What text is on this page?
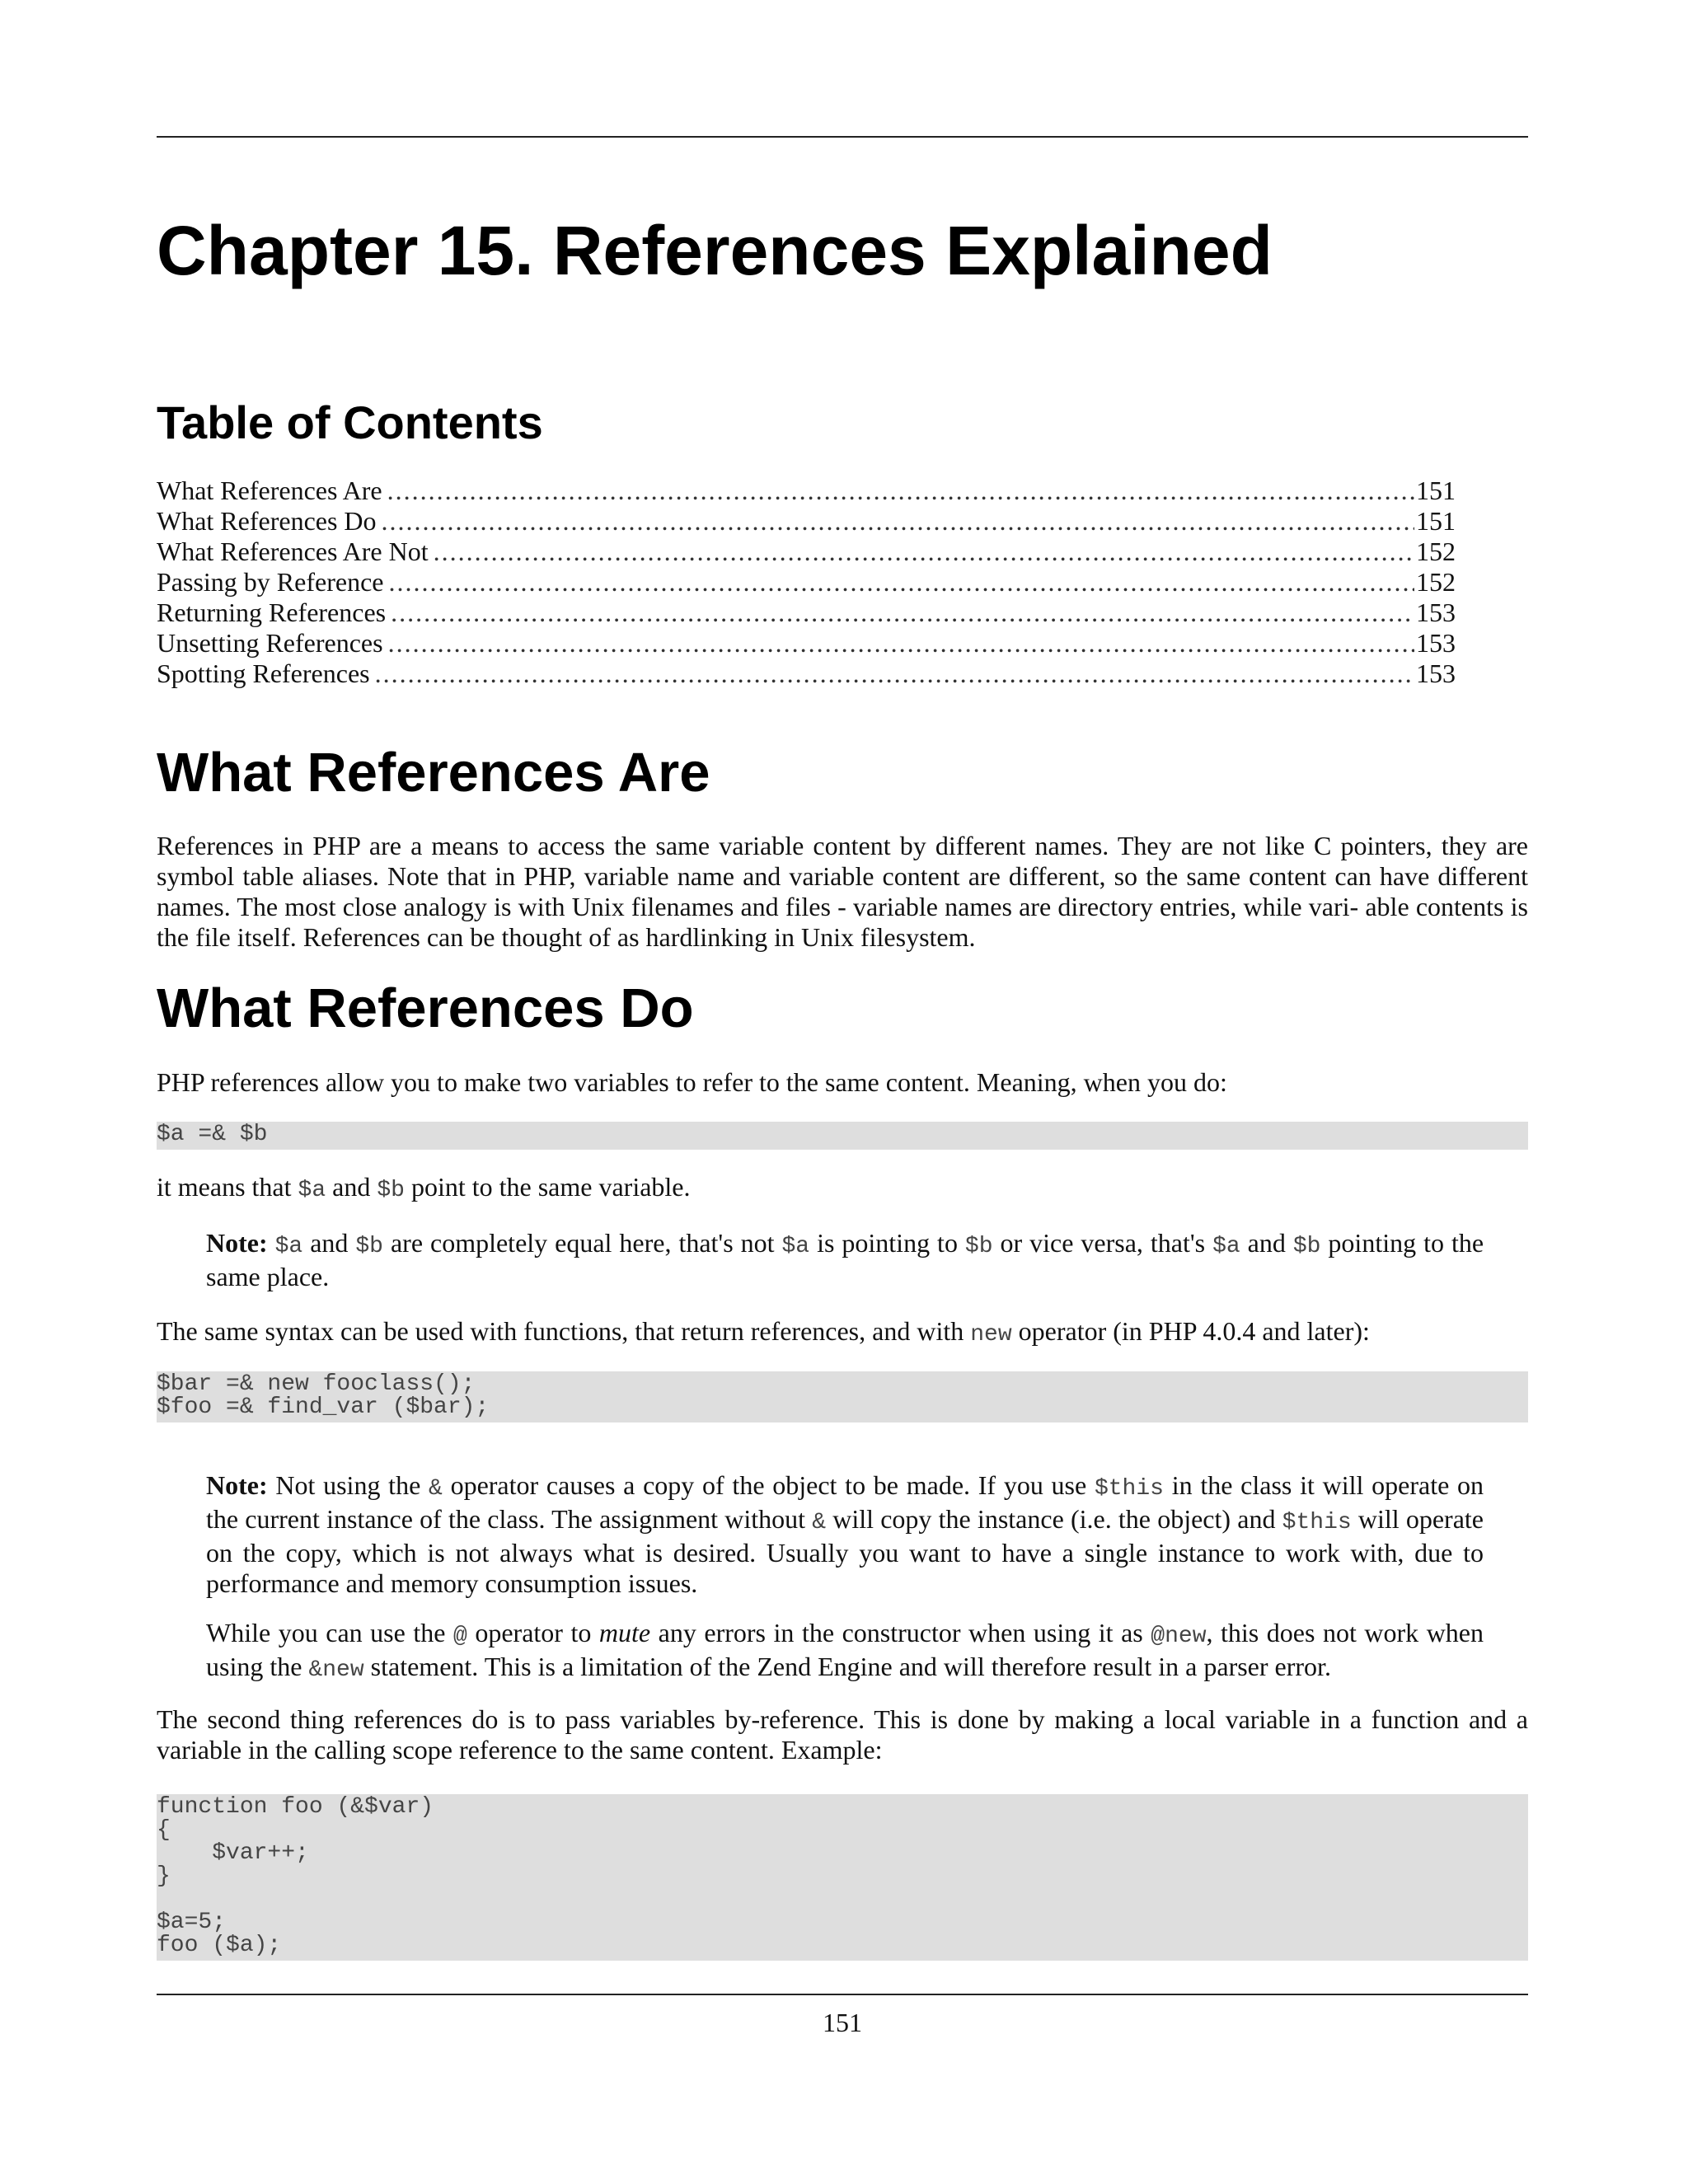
Chapter 15. References Explained
Table of Contents
What References Are . . .	151
What References Do . . .	151
What References Are Not . . .	152
Passing by Reference . . .	152
Returning References . . .	153
Unsetting References . . .	153
Spotting References . . .	153
What References Are

References in PHP are a means to access the same variable content by different names. They are not like C pointers, they are symbol table aliases. Note that in PHP, variable name and variable content are different, so the same content can have different names. The most close analogy is with Unix filenames and files - variable names are directory entries, while vari- able contents is the file itself. References can be thought of as hardlinking in Unix filesystem.

What References Do

PHP references allow you to make two variables to refer to the same content. Meaning, when you do:

$a =& $b

it means that $a and $b point to the same variable.

Note: $a and $b are completely equal here, that's not $a is pointing to $b or vice versa, that's $a and $b pointing to the same place.

The same syntax can be used with functions, that return references, and with new operator (in PHP 4.0.4 and later):

$bar =& new fooclass();
$foo =& find_var ($bar);

Note: Not using the & operator causes a copy of the object to be made. If you use $this in the class it will operate on the current instance of the class. The assignment without & will copy the instance (i.e. the object) and $this will operate on the copy, which is not always what is desired. Usually you want to have a single instance to work with, due to performance and memory consumption issues.

While you can use the @ operator to mute any errors in the constructor when using it as @new, this does not work when using the &new statement. This is a limitation of the Zend Engine and will therefore result in a parser error.

The second thing references do is to pass variables by-reference. This is done by making a local variable in a function and a variable in the calling scope reference to the same content. Example:

function foo (&$var)
{
$var++;
}

$a=5;
foo ($a);
151
